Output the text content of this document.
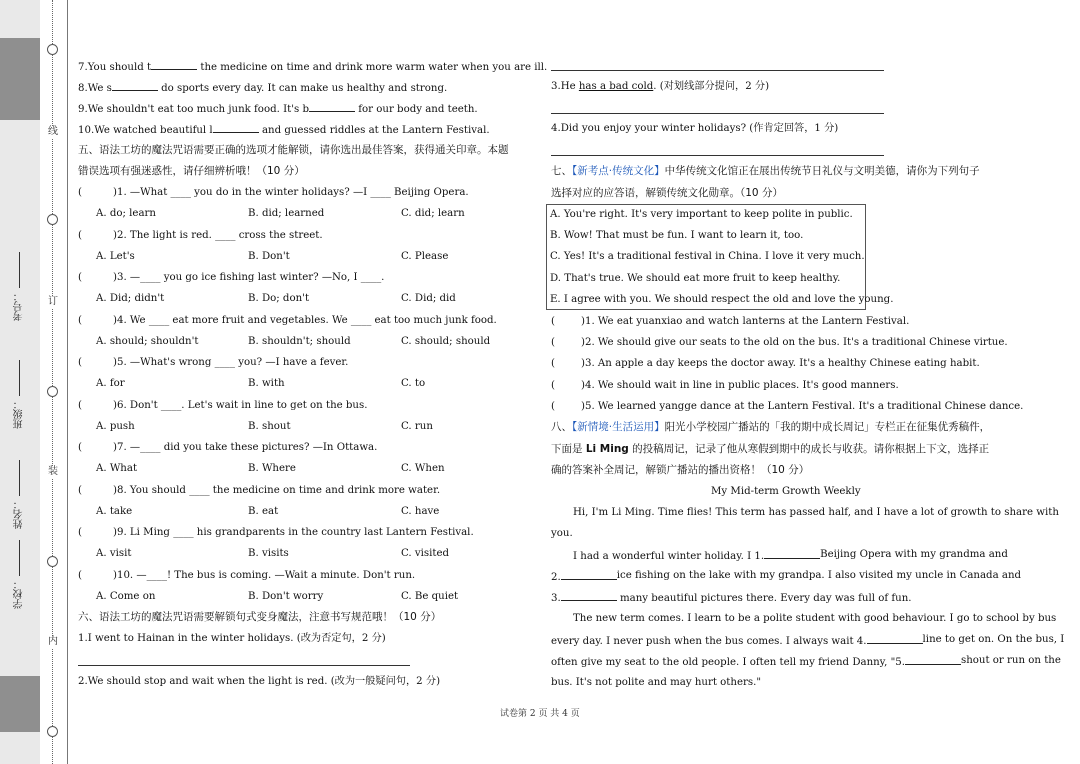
线
订
装
内
考号：
班级：
姓名：
学校：
7.You should t	the medicine on time and drink more warm water when you are ill.
8.We s	do sports every day. It can make us healthy and strong.
9.We shouldn't eat too much junk food. It's b	for our body and teeth.
10.We watched beautiful l	and guessed riddles at the Lantern Festival.
五、语法工坊的魔法咒语需要正确的选项才能解锁，请你选出最佳答案，获得通关印章。本题
错误选项有强迷惑性，请仔细辨析哦！（10 分）
(	)1. —What ____ you do in the winter holidays? —I ____ Beijing Opera.
A. do; learn	B. did; learned	C. did; learn
(	)2. The light is red. ____ cross the street.
A. Let's	B. Don't	C. Please
(	)3. —____ you go ice fishing last winter? —No, I ____.
A. Did; didn't	B. Do; don't	C. Did; did
(	)4. We ____ eat more fruit and vegetables. We ____ eat too much junk food.
A. should; shouldn't	B. shouldn't; should	C. should; should
(	)5. —What's wrong ____ you? —I have a fever.
A. for	B. with	C. to
(	)6. Don't ____. Let's wait in line to get on the bus.
A. push	B. shout	C. run
(	)7. —____ did you take these pictures? —In Ottawa.
A. What	B. Where	C. When
(	)8. You should ____ the medicine on time and drink more water.
A. take	B. eat	C. have
(	)9. Li Ming ____ his grandparents in the country last Lantern Festival.
A. visit	B. visits	C. visited
(	)10. —____! The bus is coming. —Wait a minute. Don't run.
A. Come on	B. Don't worry	C. Be quiet
六、语法工坊的魔法咒语需要解锁句式变身魔法，注意书写规范哦！（10 分）
1.I went to Hainan in the winter holidays. (改为否定句，2 分)
2.We should stop and wait when the light is red. (改为一般疑问句，2 分)
3.He has a bad cold. (对划线部分提问，2 分)
4.Did you enjoy your winter holidays? (作肯定回答，1 分)
七、【新考点·传统文化】中华传统文化馆正在展出传统节日礼仪与文明美德，请你为下列句子
选择对应的应答语，解锁传统文化勋章。（10 分）
A. You're right. It's very important to keep polite in public.
B. Wow! That must be fun. I want to learn it, too.
C. Yes! It's a traditional festival in China. I love it very much.
D. That's true. We should eat more fruit to keep healthy.
E. I agree with you. We should respect the old and love the young.
(	)1. We eat yuanxiao and watch lanterns at the Lantern Festival.
(	)2. We should give our seats to the old on the bus. It's a traditional Chinese virtue.
(	)3. An apple a day keeps the doctor away. It's a healthy Chinese eating habit.
(	)4. We should wait in line in public places. It's good manners.
(	)5. We learned yangge dance at the Lantern Festival. It's a traditional Chinese dance.
八、【新情境·生活运用】阳光小学校园广播站的「我的期中成长周记」专栏正在征集优秀稿件，
下面是 Li Ming 的投稿周记，记录了他从寒假到期中的成长与收获。请你根据上下文，选择正
确的答案补全周记，解锁广播站的播出资格！（10 分）
My Mid-term Growth Weekly
Hi, I'm Li Ming. Time flies! This term has passed half, and I have a lot of growth to share with
you.
I had a wonderful winter holiday. I 1.	Beijing Opera with my grandma and
2.	ice fishing on the lake with my grandpa. I also visited my uncle in Canada and
3.	many beautiful pictures there. Every day was full of fun.
The new term comes. I learn to be a polite student with good behaviour. I go to school by bus
every day. I never push when the bus comes. I always wait 4.	line to get on. On the bus, I
often give my seat to the old people. I often tell my friend Danny, "5.	shout or run on the
bus. It's not polite and may hurt others."
试卷第 2 页 共 4 页
